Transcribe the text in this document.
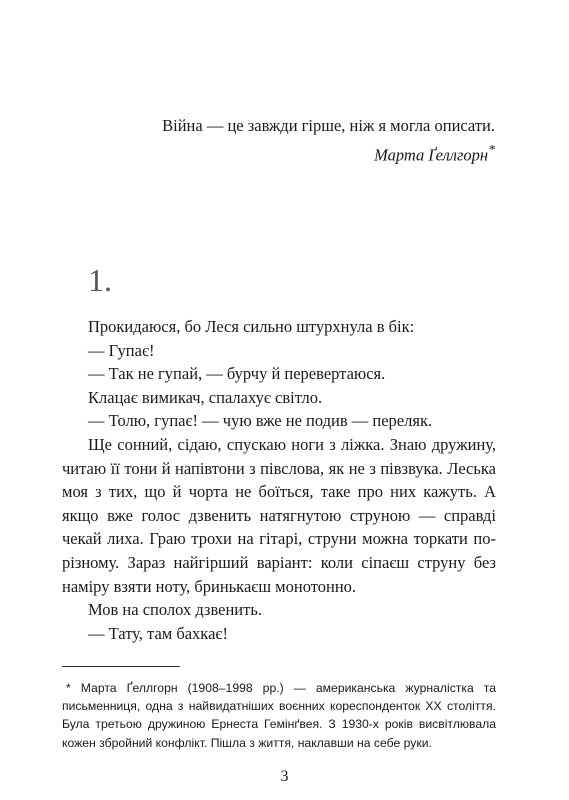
Війна — це завжди гірше, ніж я могла описати.
Марта Ґеллгорн*
1.

Прокидаюся, бо Леся сильно штурхнула в бік:

— Гупає!

— Так не гупай, — бурчу й перевертаюся.

Клацає вимикач, спалахує світло.

— Толю, гупає! — чую вже не подив — переляк.

Ще сонний, сідаю, спускаю ноги з ліжка. Знаю дружину, читаю її тони й напівтони з півслова, як не з півзвука. Леська моя з тих, що й чорта не боїться, таке про них кажуть. А якщо вже голос дзвенить натягнутою струною — справді чекай лиха. Граю трохи на гітарі, струни можна торкати по-різному. Зараз найгірший варіант: коли сіпаєш струну без наміру взяти ноту, бринькаєш монотонно.

Мов на сполох дзвенить.

— Тату, там бахкає!

* Марта Ґеллгорн (1908–1998 рр.) — американська журналістка та письменниця, одна з найвидатніших воєнних кореспонденток XX століття. Була третьою дружиною Ернеста Гемінґвея. З 1930-х років висвітлювала кожен збройний конфлікт. Пішла з життя, наклавши на себе руки.
3
